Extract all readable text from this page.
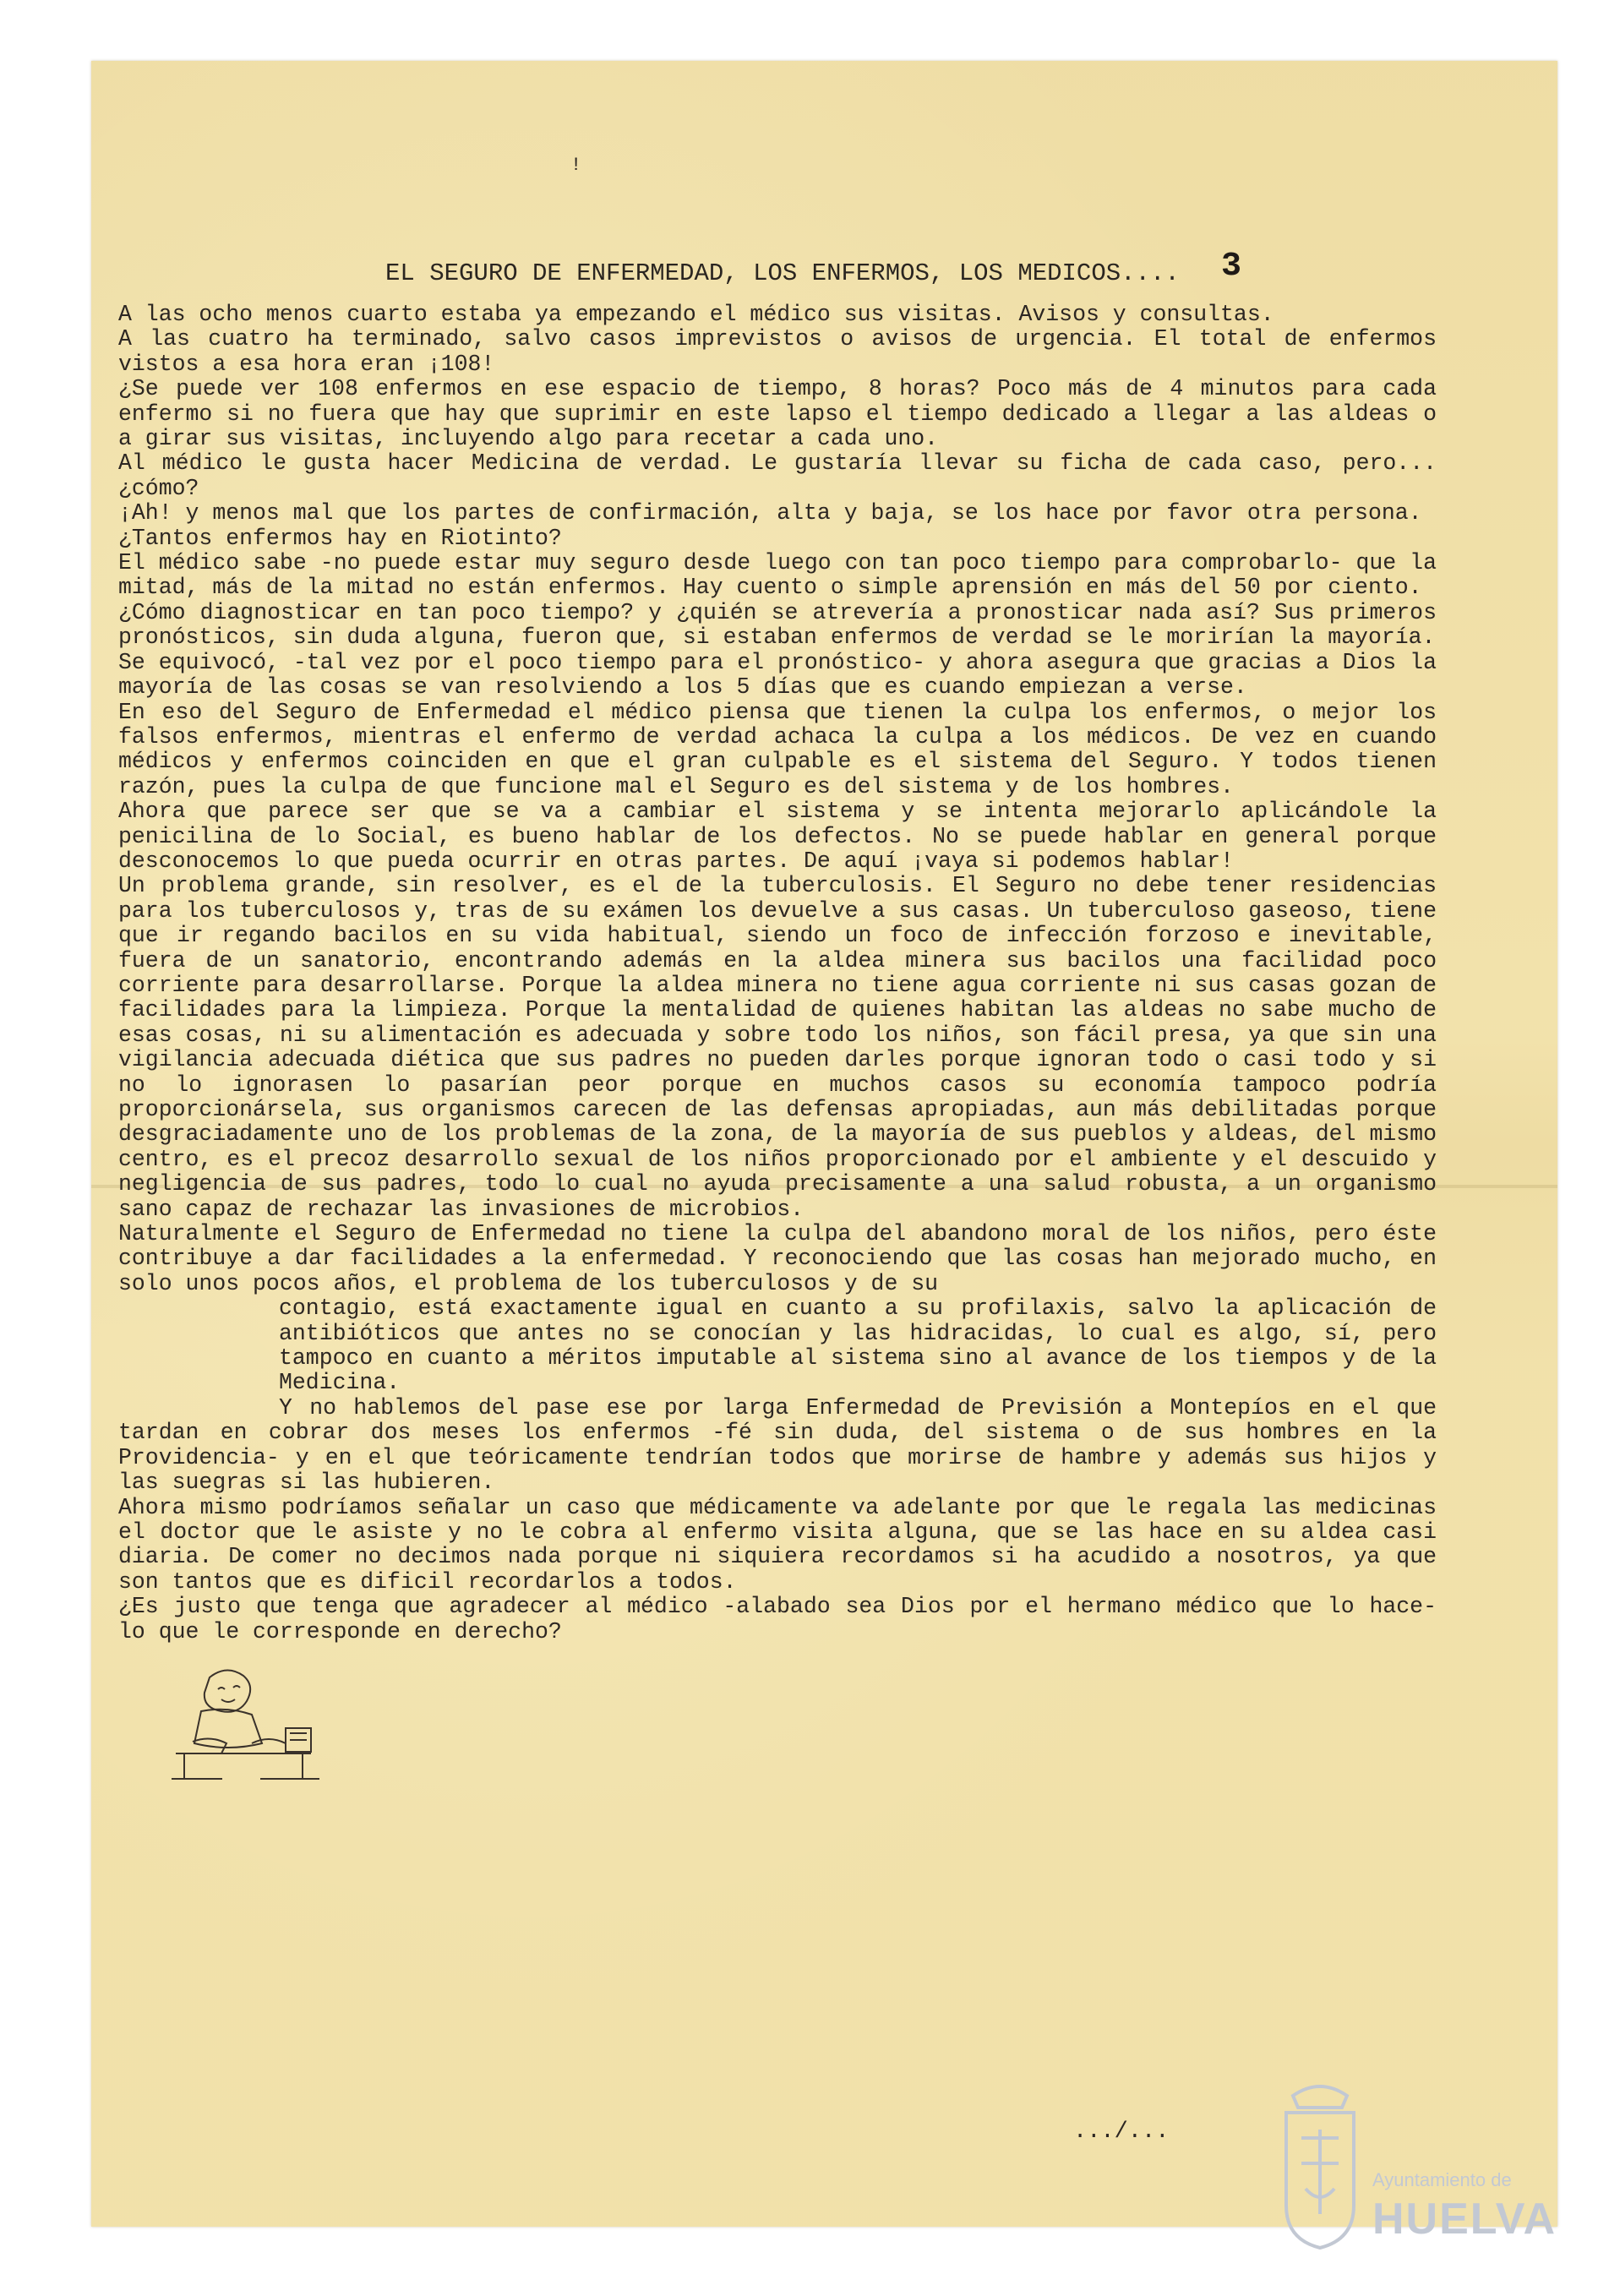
EL SEGURO DE ENFERMEDAD, LOS ENFERMOS, LOS MEDICOS....	3

A las ocho menos cuarto estaba ya empezando el médico sus visitas. Avisos y consultas.

A las cuatro ha terminado, salvo casos imprevistos o avisos de urgencia. El total de enfermos vistos a esa hora eran ¡108!

¿Se puede ver 108 enfermos en ese espacio de tiempo, 8 horas? Poco más de 4 minutos para cada enfermo si no fuera que hay que suprimir en este lapso el tiempo dedicado a llegar a las aldeas o a girar sus visitas, incluyendo algo para recetar a cada uno.

Al médico le gusta hacer Medicina de verdad. Le gustaría llevar su ficha de cada caso, pero... ¿cómo?

¡Ah! y menos mal que los partes de confirmación, alta y baja, se los hace por favor otra persona.

¿Tantos enfermos hay en Riotinto?

El médico sabe -no puede estar muy seguro desde luego con tan poco tiempo para comprobarlo- que la mitad, más de la mitad no están enfermos. Hay cuento o simple aprensión en más del 50 por ciento.

¿Cómo diagnosticar en tan poco tiempo? y ¿quién se atrevería a pronosticar nada así? Sus primeros pronósticos, sin duda alguna, fueron que, si estaban enfermos de verdad se le morirían la mayoría.

Se equivocó, -tal vez por el poco tiempo para el pronóstico- y ahora asegura que gracias a Dios la mayoría de las cosas se van resolviendo a los 5 días que es cuando empiezan a verse.

En eso del Seguro de Enfermedad el médico piensa que tienen la culpa los enfermos, o mejor los falsos enfermos, mientras el enfermo de verdad achaca la culpa a los médicos. De vez en cuando médicos y enfermos coinciden en que el gran culpable es el sistema del Seguro. Y todos tienen razón, pues la culpa de que funcione mal el Seguro es del sistema y de los hombres.

Ahora que parece ser que se va a cambiar el sistema y se intenta mejorarlo aplicándole la penicilina de lo Social, es bueno hablar de los defectos. No se puede hablar en general porque desconocemos lo que pueda ocurrir en otras partes. De aquí ¡vaya si podemos hablar!

Un problema grande, sin resolver, es el de la tuberculosis. El Seguro no debe tener residencias para los tuberculosos y, tras de su exámen los devuelve a sus casas. Un tuberculoso gaseoso, tiene que ir regando bacilos en su vida habitual, siendo un foco de infección forzoso e inevitable, fuera de un sanatorio, encontrando además en la aldea minera sus bacilos una facilidad poco corriente para desarrollarse. Porque la aldea minera no tiene agua corriente ni sus casas gozan de facilidades para la limpieza. Porque la mentalidad de quienes habitan las aldeas no sabe mucho de esas cosas, ni su alimentación es adecuada y sobre todo los niños, son fácil presa, ya que sin una vigilancia adecuada diética que sus padres no pueden darles porque ignoran todo o casi todo y si no lo ignorasen lo pasarían peor porque en muchos casos su economía tampoco podría proporcionársela, sus organismos carecen de las defensas apropiadas, aun más debilitadas porque desgraciadamente uno de los problemas de la zona, de la mayoría de sus pueblos y aldeas, del mismo centro, es el precoz desarrollo sexual de los niños proporcionado por el ambiente y el descuido y negligencia de sus padres, todo lo cual no ayuda precisamente a una salud robusta, a un organismo sano capaz de rechazar las invasiones de microbios.

Naturalmente el Seguro de Enfermedad no tiene la culpa del abandono moral de los niños, pero éste contribuye a dar facilidades a la enfermedad. Y reconociendo que las cosas han mejorado mucho, en solo unos pocos años, el problema de los tuberculosos y de su

contagio, está exactamente igual en cuanto a su profilaxis, salvo la aplicación de antibióticos que antes no se conocían y las hidracidas, lo cual es algo, sí, pero tampoco en cuanto a méritos imputable al sistema sino al avance de los tiempos y de la Medicina.

Y no hablemos del pase ese por larga Enfermedad de Previsión a Montepíos en el que tardan en cobrar dos meses los enfermos -fé sin duda, del sistema o de sus hombres en la Providencia- y en el que teóricamente tendrían todos que morirse de hambre y además sus hijos y las suegras si las hubieren.

Ahora mismo podríamos señalar un caso que médicamente va adelante por que le regala las medicinas el doctor que le asiste y no le cobra al enfermo visita alguna, que se las hace en su aldea casi diaria. De comer no decimos nada porque ni siquiera recordamos si ha acudido a nosotros, ya que son tantos que es dificil recordarlos a todos.

¿Es justo que tenga que agradecer al médico -alabado sea Dios por el hermano médico que lo hace- lo que le corresponde en derecho?

.../...
Ayuntamiento de
HUELVA
